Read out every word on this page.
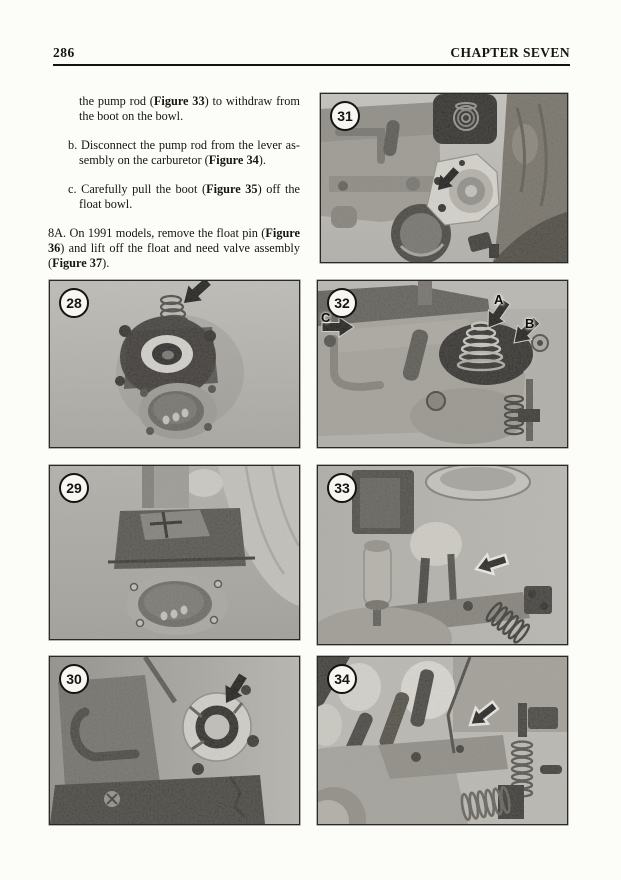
286	CHAPTER SEVEN

the pump rod (Figure 33) to withdraw from the boot on the bowl.

b. Disconnect the pump rod from the lever assembly on the carburetor (Figure 34).

c. Carefully pull the boot (Figure 35) off the float bowl.

8A. On 1991 models, remove the float pin (Figure 36) and lift off the float and need valve assembly (Figure 37).

31
28	32	A
B
C
29	33
30	34
